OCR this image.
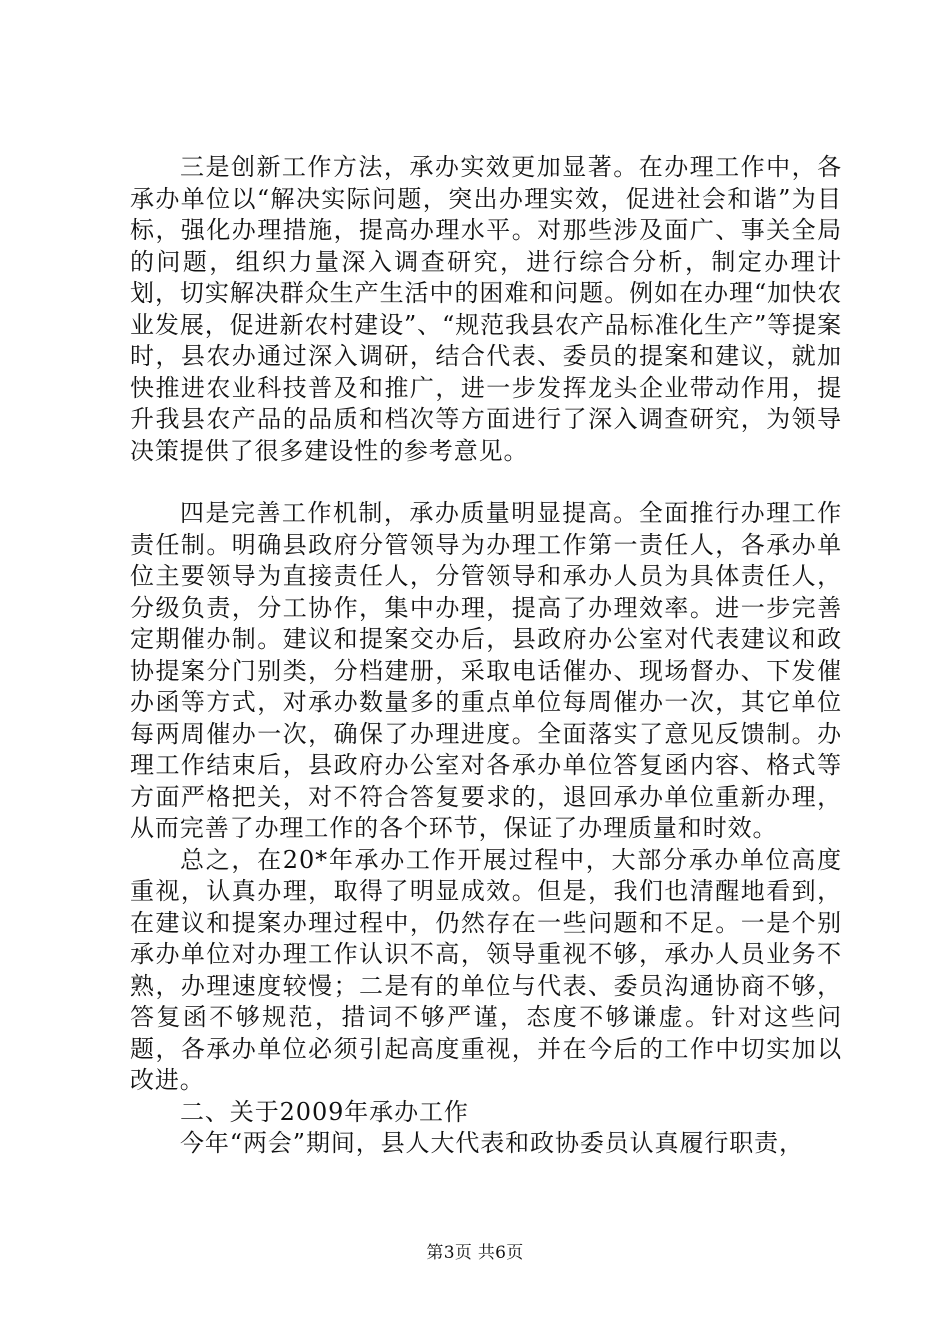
三是创新工作方法，承办实效更加显著。在办理工作中，各承办单位以“解决实际问题，突出办理实效，促进社会和谐”为目标，强化办理措施，提高办理水平。对那些涉及面广、事关全局的问题，组织力量深入调查研究，进行综合分析，制定办理计划，切实解决群众生产生活中的困难和问题。例如在办理“加快农业发展，促进新农村建设”、“规范我县农产品标准化生产”等提案时，县农办通过深入调研，结合代表、委员的提案和建议，就加快推进农业科技普及和推广，进一步发挥龙头企业带动作用，提升我县农产品的品质和档次等方面进行了深入调查研究，为领导决策提供了很多建设性的参考意见。

四是完善工作机制，承办质量明显提高。全面推行办理工作责任制。明确县政府分管领导为办理工作第一责任人，各承办单位主要领导为直接责任人，分管领导和承办人员为具体责任人，分级负责，分工协作，集中办理，提高了办理效率。进一步完善定期催办制。建议和提案交办后，县政府办公室对代表建议和政协提案分门别类，分档建册，采取电话催办、现场督办、下发催办函等方式，对承办数量多的重点单位每周催办一次，其它单位每两周催办一次，确保了办理进度。全面落实了意见反馈制。办理工作结束后，县政府办公室对各承办单位答复函内容、格式等方面严格把关，对不符合答复要求的，退回承办单位重新办理，从而完善了办理工作的各个环节，保证了办理质量和时效。

总之，在20*年承办工作开展过程中，大部分承办单位高度重视，认真办理，取得了明显成效。但是，我们也清醒地看到，在建议和提案办理过程中，仍然存在一些问题和不足。一是个别承办单位对办理工作认识不高，领导重视不够，承办人员业务不熟，办理速度较慢；二是有的单位与代表、委员沟通协商不够，答复函不够规范，措词不够严谨，态度不够谦虚。针对这些问题，各承办单位必须引起高度重视，并在今后的工作中切实加以改进。

二、关于2009年承办工作

今年“两会”期间，县人大代表和政协委员认真履行职责，

第3页 共6页
